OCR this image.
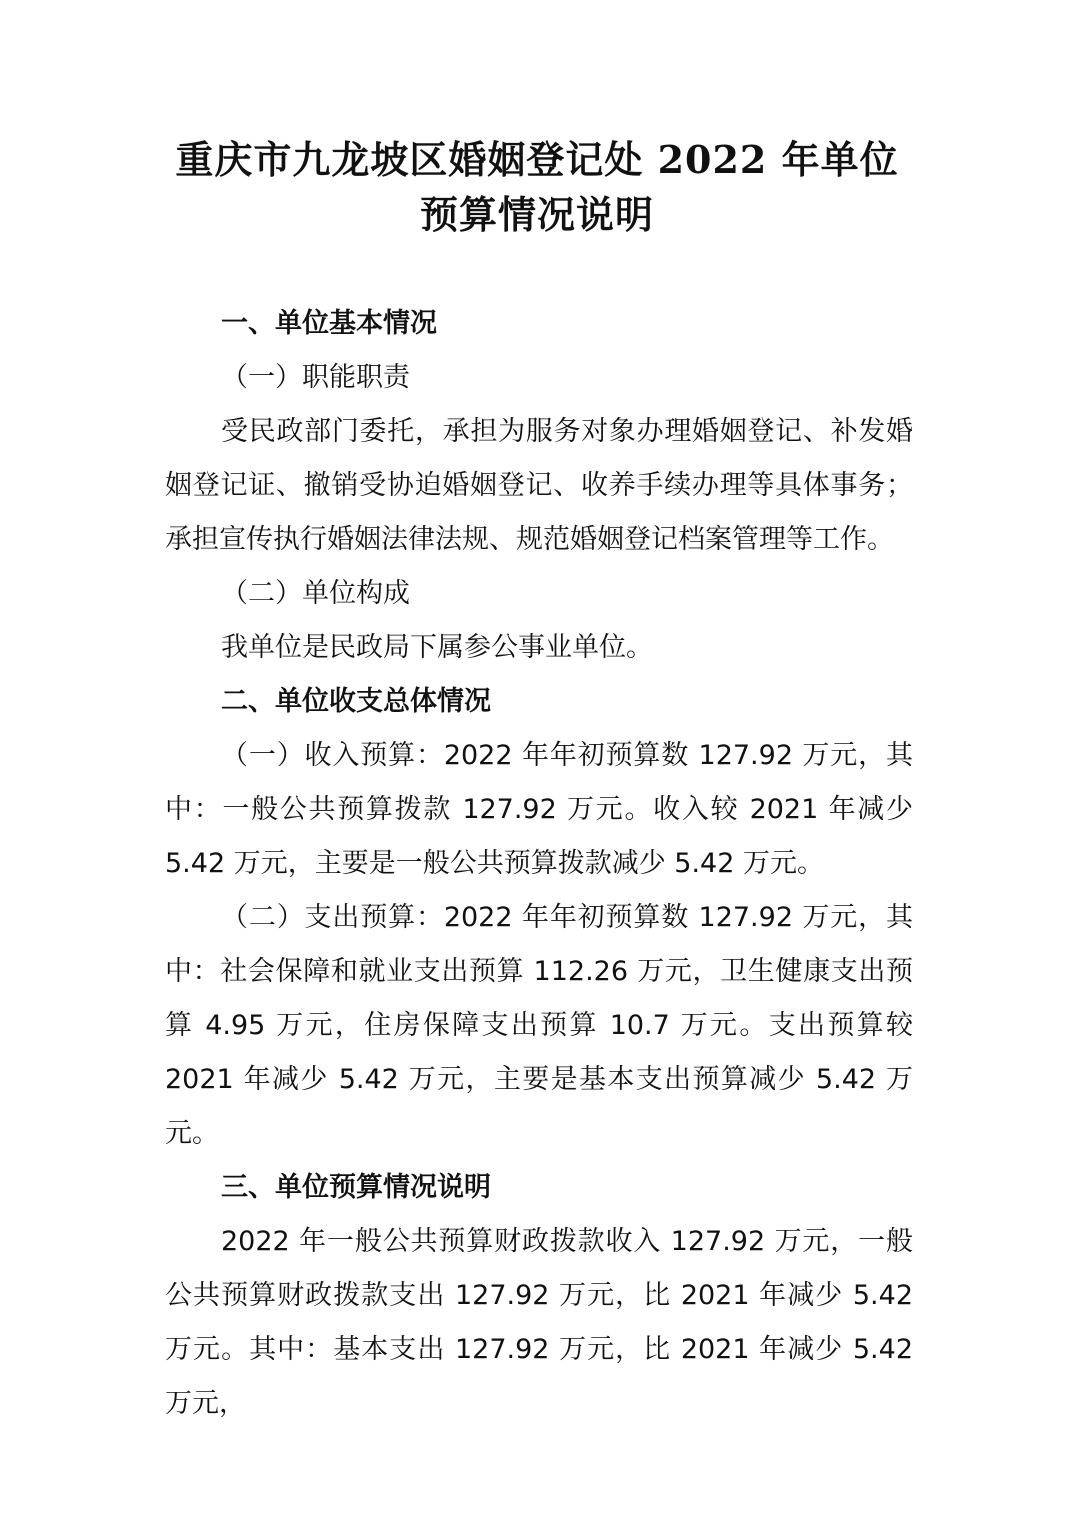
重庆市九龙坡区婚姻登记处 2022 年单位
预算情况说明

一、单位基本情况

（一）职能职责

受民政部门委托，承担为服务对象办理婚姻登记、补发婚姻登记证、撤销受协迫婚姻登记、收养手续办理等具体事务；承担宣传执行婚姻法律法规、规范婚姻登记档案管理等工作。

（二）单位构成

我单位是民政局下属参公事业单位。

二、单位收支总体情况

（一）收入预算：2022 年年初预算数 127.92 万元，其中：一般公共预算拨款 127.92 万元。收入较 2021 年减少 5.42 万元，主要是一般公共预算拨款减少 5.42 万元。

（二）支出预算：2022 年年初预算数 127.92 万元，其中：社会保障和就业支出预算 112.26 万元，卫生健康支出预算 4.95 万元，住房保障支出预算 10.7 万元。支出预算较 2021 年减少 5.42 万元，主要是基本支出预算减少 5.42 万元。

三、单位预算情况说明

2022 年一般公共预算财政拨款收入 127.92 万元，一般公共预算财政拨款支出 127.92 万元，比 2021 年减少 5.42 万元。其中：基本支出 127.92 万元，比 2021 年减少 5.42 万元，
